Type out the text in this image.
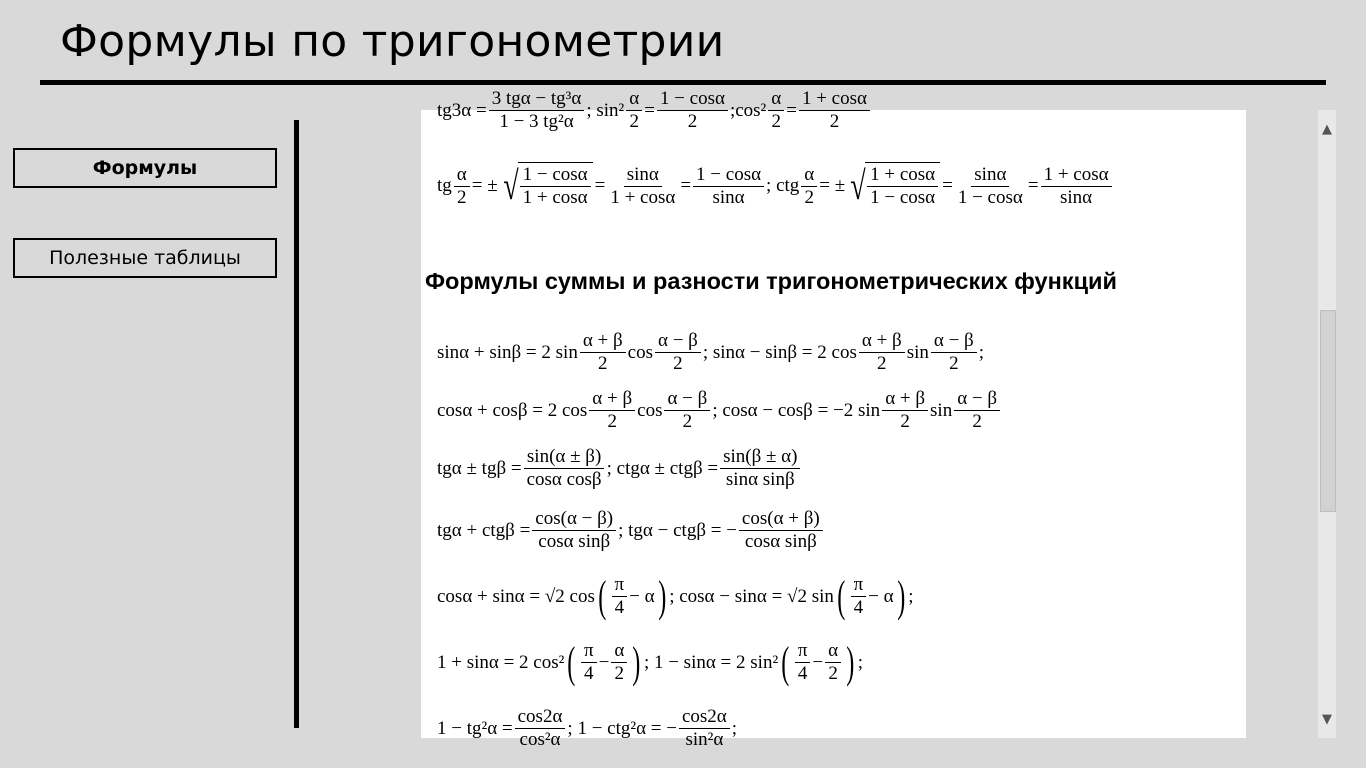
Формулы по тригонометрии
Формулы
Полезные таблицы
$tg3\alpha = \frac{\text{3 tgα − tg³α}}{\text{1 − 3 tg²α}}$ ;
$\sin^2 \frac{\alpha}{2} = \frac{1 - \cos\alpha}{2}$ ; $\cos^2 \frac{\alpha}{2} = \frac{1 + \cos\alpha}{2}$
tg $\frac{\alpha}{2}$ = ± √ $\frac{1 - \cos\alpha}{1 + \cos\alpha} = \frac{\sin\alpha}{1 + \cos\alpha} = \frac{1 - \cos\alpha}{\sin\alpha}$ ;
ctg $\frac{\alpha}{2}$ = ± √ $\frac{1 + \cos\alpha}{1 - \cos\alpha} = \frac{\sin\alpha}{1 - \cos\alpha} = \frac{1 + \cos\alpha}{\sin\alpha}$
Формулы суммы и разности тригонометрических функций
sinα + sinβ = 2 $\sin \frac{\alpha + \beta}{2}$ $\cos \frac{\alpha - \beta}{2}$ ; sinα − sinβ = 2 $\cos \frac{\alpha + \beta}{2}$ $\sin \frac{\alpha - \beta}{2}$ ;
cosα + cosβ = 2 $\cos \frac{\alpha + \beta}{2}$ $\cos \frac{\alpha - \beta}{2}$ ; cosα − cosβ = −2 $\sin \frac{\alpha + \beta}{2}$ $\sin \frac{\alpha - \beta}{2}$
$tg\alpha \pm tg\beta = \frac{\sin(\alpha \pm \beta)}{\text{cosα cosβ}}$ ; $ctg\alpha \pm ctg\beta = \frac{\sin(\beta \pm \alpha)}{\text{sinα sinβ}}$
$tg\alpha + ctg\beta = \frac{\cos(\alpha - \beta)}{\text{cosα sinβ}}$ ; tgα − ctgβ = − $\frac{\cos(\alpha + \beta)}{\text{cosα sinβ}}$
cosα + sinα = √2 cos ( $\frac{\pi}{4} - \alpha$ ) ; cosα − sinα = √2 sin ( $\frac{\pi}{4} - \alpha$ ) ;
1 + sinα = 2 cos² ( $\frac{\pi}{4} - \frac{\alpha}{2}$ ) ; 1 − sinα = 2 sin² ( $\frac{\pi}{4} - \frac{\alpha}{2}$ ) ;
$1 - tg^2\alpha = \frac{\cos 2\alpha}{\text{cos²α}}$ ; 1 − ctg²α = − $\frac{\cos 2\alpha}{\text{sin²α}}$ ;
▲
▼
